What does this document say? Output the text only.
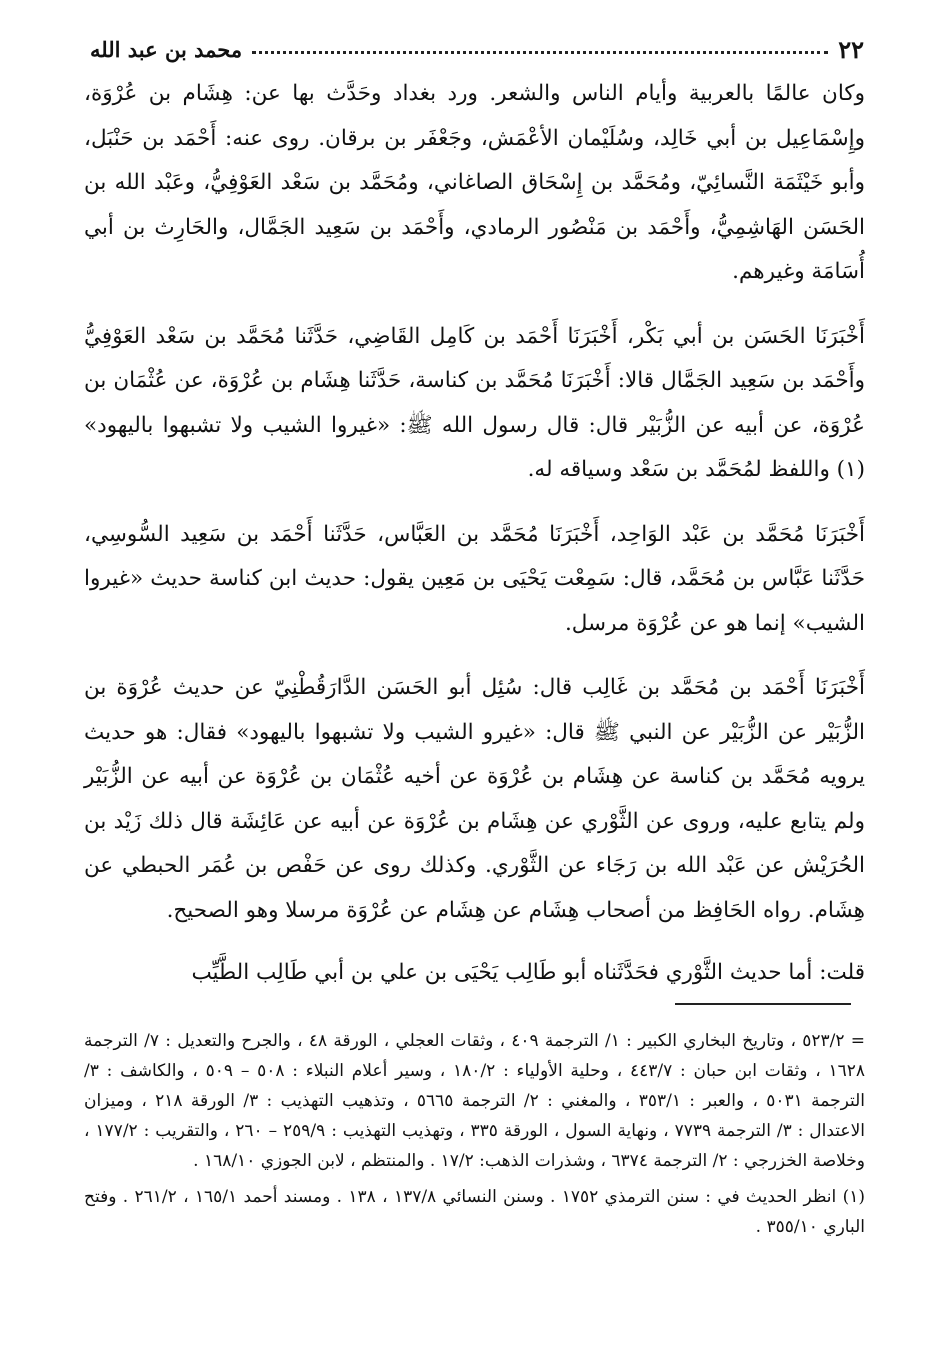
٢٢
محمد بن عبد الله

وكان عالمًا بالعربية وأيام الناس والشعر. ورد بغداد وحَدَّث بها عن: هِشَام بن عُرْوَة، وإِسْمَاعِيل بن أبي خَالِد، وسُلَيْمان الأعْمَش، وجَعْفَر بن برقان. روى عنه: أَحْمَد بن حَنْبَل، وأبو خَيْثَمَة النَّسائِيّ، ومُحَمَّد بن إِسْحَاق الصاغاني، ومُحَمَّد بن سَعْد العَوْفِيُّ، وعَبْد الله بن الحَسَن الهَاشِمِيُّ، وأَحْمَد بن مَنْصُور الرمادي، وأَحْمَد بن سَعِيد الجَمَّال، والحَارِث بن أبي أُسَامَة وغيرهم.

أَخْبَرَنَا الحَسَن بن أبي بَكْر، أَخْبَرَنَا أَحْمَد بن كَامِل القَاضِي، حَدَّثَنا مُحَمَّد بن سَعْد العَوْفِيُّ وأَحْمَد بن سَعِيد الجَمَّال قالا: أَخْبَرَنَا مُحَمَّد بن كناسة، حَدَّثَنا هِشَام بن عُرْوَة، عن عُثْمَان بن عُرْوَة، عن أبيه عن الزُّبَيْر قال: قال رسول الله ﷺ: «غيروا الشيب ولا تشبهوا باليهود» (١) واللفظ لمُحَمَّد بن سَعْد وسياقه له.

أَخْبَرَنَا مُحَمَّد بن عَبْد الوَاحِد، أَخْبَرَنَا مُحَمَّد بن العَبَّاس، حَدَّثَنا أَحْمَد بن سَعِيد السُّوسِي، حَدَّثَنا عَبَّاس بن مُحَمَّد، قال: سَمِعْت يَحْيَى بن مَعِين يقول: حديث ابن كناسة حديث «غيروا الشيب» إنما هو عن عُرْوَة مرسل.

أَخْبَرَنَا أَحْمَد بن مُحَمَّد بن غَالِب قال: سُئِل أبو الحَسَن الدَّارَقُطْنِيّ عن حديث عُرْوَة بن الزُّبَيْر عن الزُّبَيْر عن النبي ﷺ قال: «غيرو الشيب ولا تشبهوا باليهود» فقال: هو حديث يرويه مُحَمَّد بن كناسة عن هِشَام بن عُرْوَة عن أخيه عُثْمَان بن عُرْوَة عن أبيه عن الزُّبَيْر ولم يتابع عليه، وروى عن الثَّوْري عن هِشَام بن عُرْوَة عن أبيه عن عَائِشَة قال ذلك زَيْد بن الحُرَيْش عن عَبْد الله بن رَجَاء عن الثَّوْري. وكذلك روى عن حَفْص بن عُمَر الحبطي عن هِشَام. رواه الحَافِظ من أصحاب هِشَام عن هِشَام عن عُرْوَة مرسلا وهو الصحيح.

قلت: أما حديث الثَّوْري فحَدَّثَناه أبو طَالِب يَحْيَى بن علي بن أبي طَالِب الطَّيِّب

= ٥٢٣/٢ ، وتاريخ البخاري الكبير : ١/ الترجمة ٤٠٩ ، وثقات العجلي ، الورقة ٤٨ ، والجرح والتعديل : ٧/ الترجمة ١٦٢٨ ، وثقات ابن حبان : ٤٤٣/٧ ، وحلية الأولياء : ١٨٠/٢ ، وسير أعلام النبلاء : ٥٠٨ – ٥٠٩ ، والكاشف : ٣/ الترجمة ٥٠٣١ ، والعبر : ٣٥٣/١ ، والمغني : ٢/ الترجمة ٥٦٦٥ ، وتذهيب التهذيب : ٣/ الورقة ٢١٨ ، وميزان الاعتدال : ٣/ الترجمة ٧٧٣٩ ، ونهاية السول ، الورقة ٣٣٥ ، وتهذيب التهذيب : ٢٥٩/٩ – ٢٦٠ ، والتقريب : ١٧٧/٢ ، وخلاصة الخزرجي : ٢/ الترجمة ٦٣٧٤ ، وشذرات الذهب: ١٧/٢ . والمنتظم ، لابن الجوزي ١٦٨/١٠ .

(١) انظر الحديث في : سنن الترمذي ١٧٥٢ . وسنن النسائي ١٣٧/٨ ، ١٣٨ . ومسند أحمد ١٦٥/١ ، ٢٦١/٢ . وفتح الباري ٣٥٥/١٠ .
